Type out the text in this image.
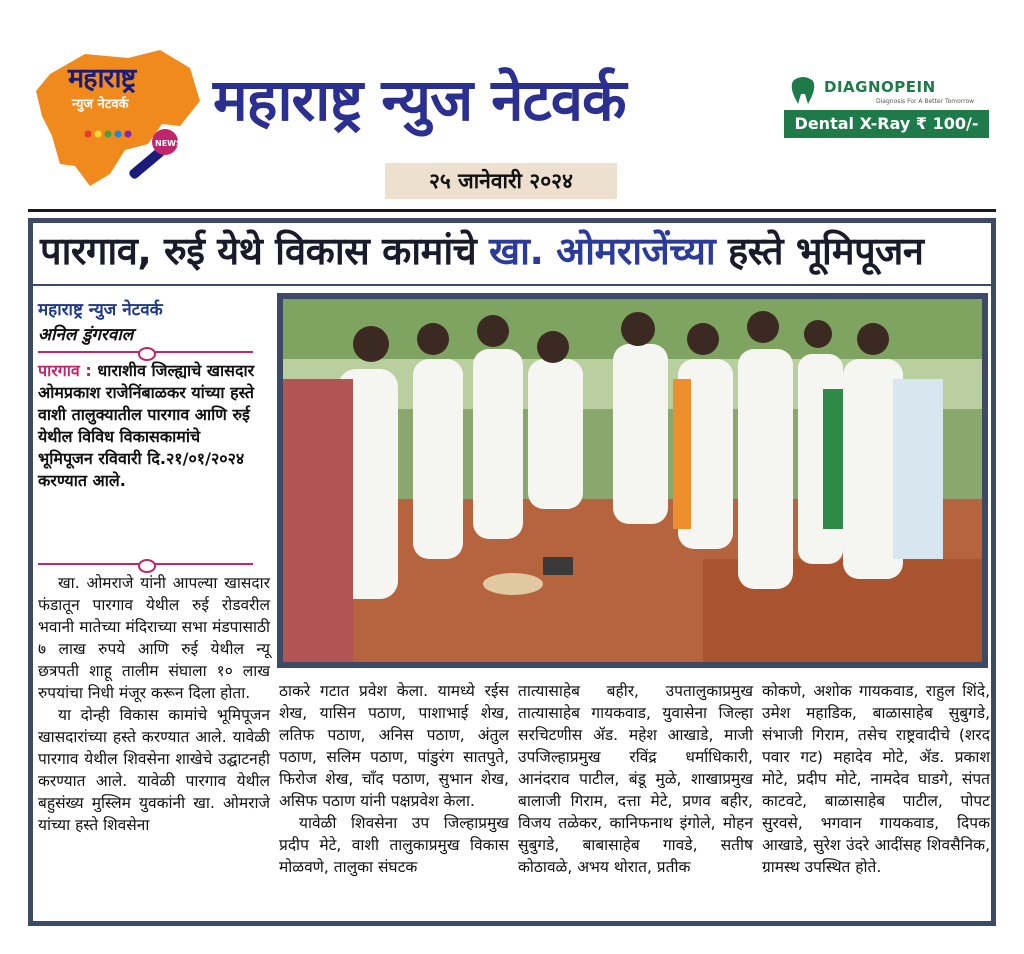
NEWS
महाराष्ट्र
न्युज नेटवर्क महाराष्ट्र न्युज नेटवर्क
२५ जानेवारी २०२४
DIAGNOPEIN
Diagnosis For A Better Tomorrow
Dental X-Ray ₹ 100/-
पारगाव, रुई येथे विकास कामांचे खा. ओमराजेंच्या हस्ते भूमिपूजन
महाराष्ट्र न्युज नेटवर्क
अनिल डुंगरवाल
पारगाव : धाराशीव जिल्ह्याचे खासदार ओमप्रकाश राजेनिंबाळकर यांच्या हस्ते वाशी तालुक्यातील पारगाव आणि रुई येथील विविध विकासकामांचे भूमिपूजन रविवारी दि.२१/०१/२०२४ करण्यात आले.

खा. ओमराजे यांनी आपल्या खासदार फंडातून पारगाव येथील रुई रोडवरील भवानी मातेच्या मंदिराच्या सभा मंडपासाठी ७ लाख रुपये आणि रुई येथील न्यू छत्रपती शाहू तालीम संघाला १० लाख रुपयांचा निधी मंजूर करून दिला होता.

या दोन्ही विकास कामांचे भूमिपूजन खासदारांच्या हस्ते करण्यात आले. यावेळी पारगाव येथील शिवसेना शाखेचे उद्घाटनही करण्यात आले. यावेळी पारगाव येथील बहुसंख्य मुस्लिम युवकांनी खा. ओमराजे यांच्या हस्ते शिवसेना

ठाकरे गटात प्रवेश केला. यामध्ये रईस शेख, यासिन पठाण, पाशाभाई शेख, लतिफ पठाण, अनिस पठाण, अंतुल पठाण, सलिम पठाण, पांडुरंग सातपुते, फिरोज शेख, चाँद पठाण, सुभान शेख, असिफ पठाण यांनी पक्षप्रवेश केला.

यावेळी शिवसेना उप जिल्हाप्रमुख प्रदीप मेटे, वाशी तालुकाप्रमुख विकास मोळवणे, तालुका संघटक

तात्यासाहेब बहीर, उपतालुकाप्रमुख तात्यासाहेब गायकवाड, युवासेना जिल्हा सरचिटणीस ॲड. महेश आखाडे, माजी उपजिल्हाप्रमुख रविंद्र धर्माधिकारी, आनंदराव पाटील, बंडू मुळे, शाखाप्रमुख बालाजी गिराम, दत्ता मेटे, प्रणव बहीर, विजय तळेकर, कानिफनाथ इंगोले, मोहन सुबुगडे, बाबासाहेब गावडे, सतीष कोठावळे, अभय थोरात, प्रतीक

कोकणे, अशोक गायकवाड, राहुल शिंदे, उमेश महाडिक, बाळासाहेब सुबुगडे, संभाजी गिराम, तसेच राष्ट्रवादीचे (शरद पवार गट) महादेव मोटे, ॲड. प्रकाश मोटे, प्रदीप मोटे, नामदेव घाडगे, संपत काटवटे, बाळासाहेब पाटील, पोपट सुरवसे, भगवान गायकवाड, दिपक आखाडे, सुरेश उंदरे आदींसह शिवसैनिक, ग्रामस्थ उपस्थित होते.
